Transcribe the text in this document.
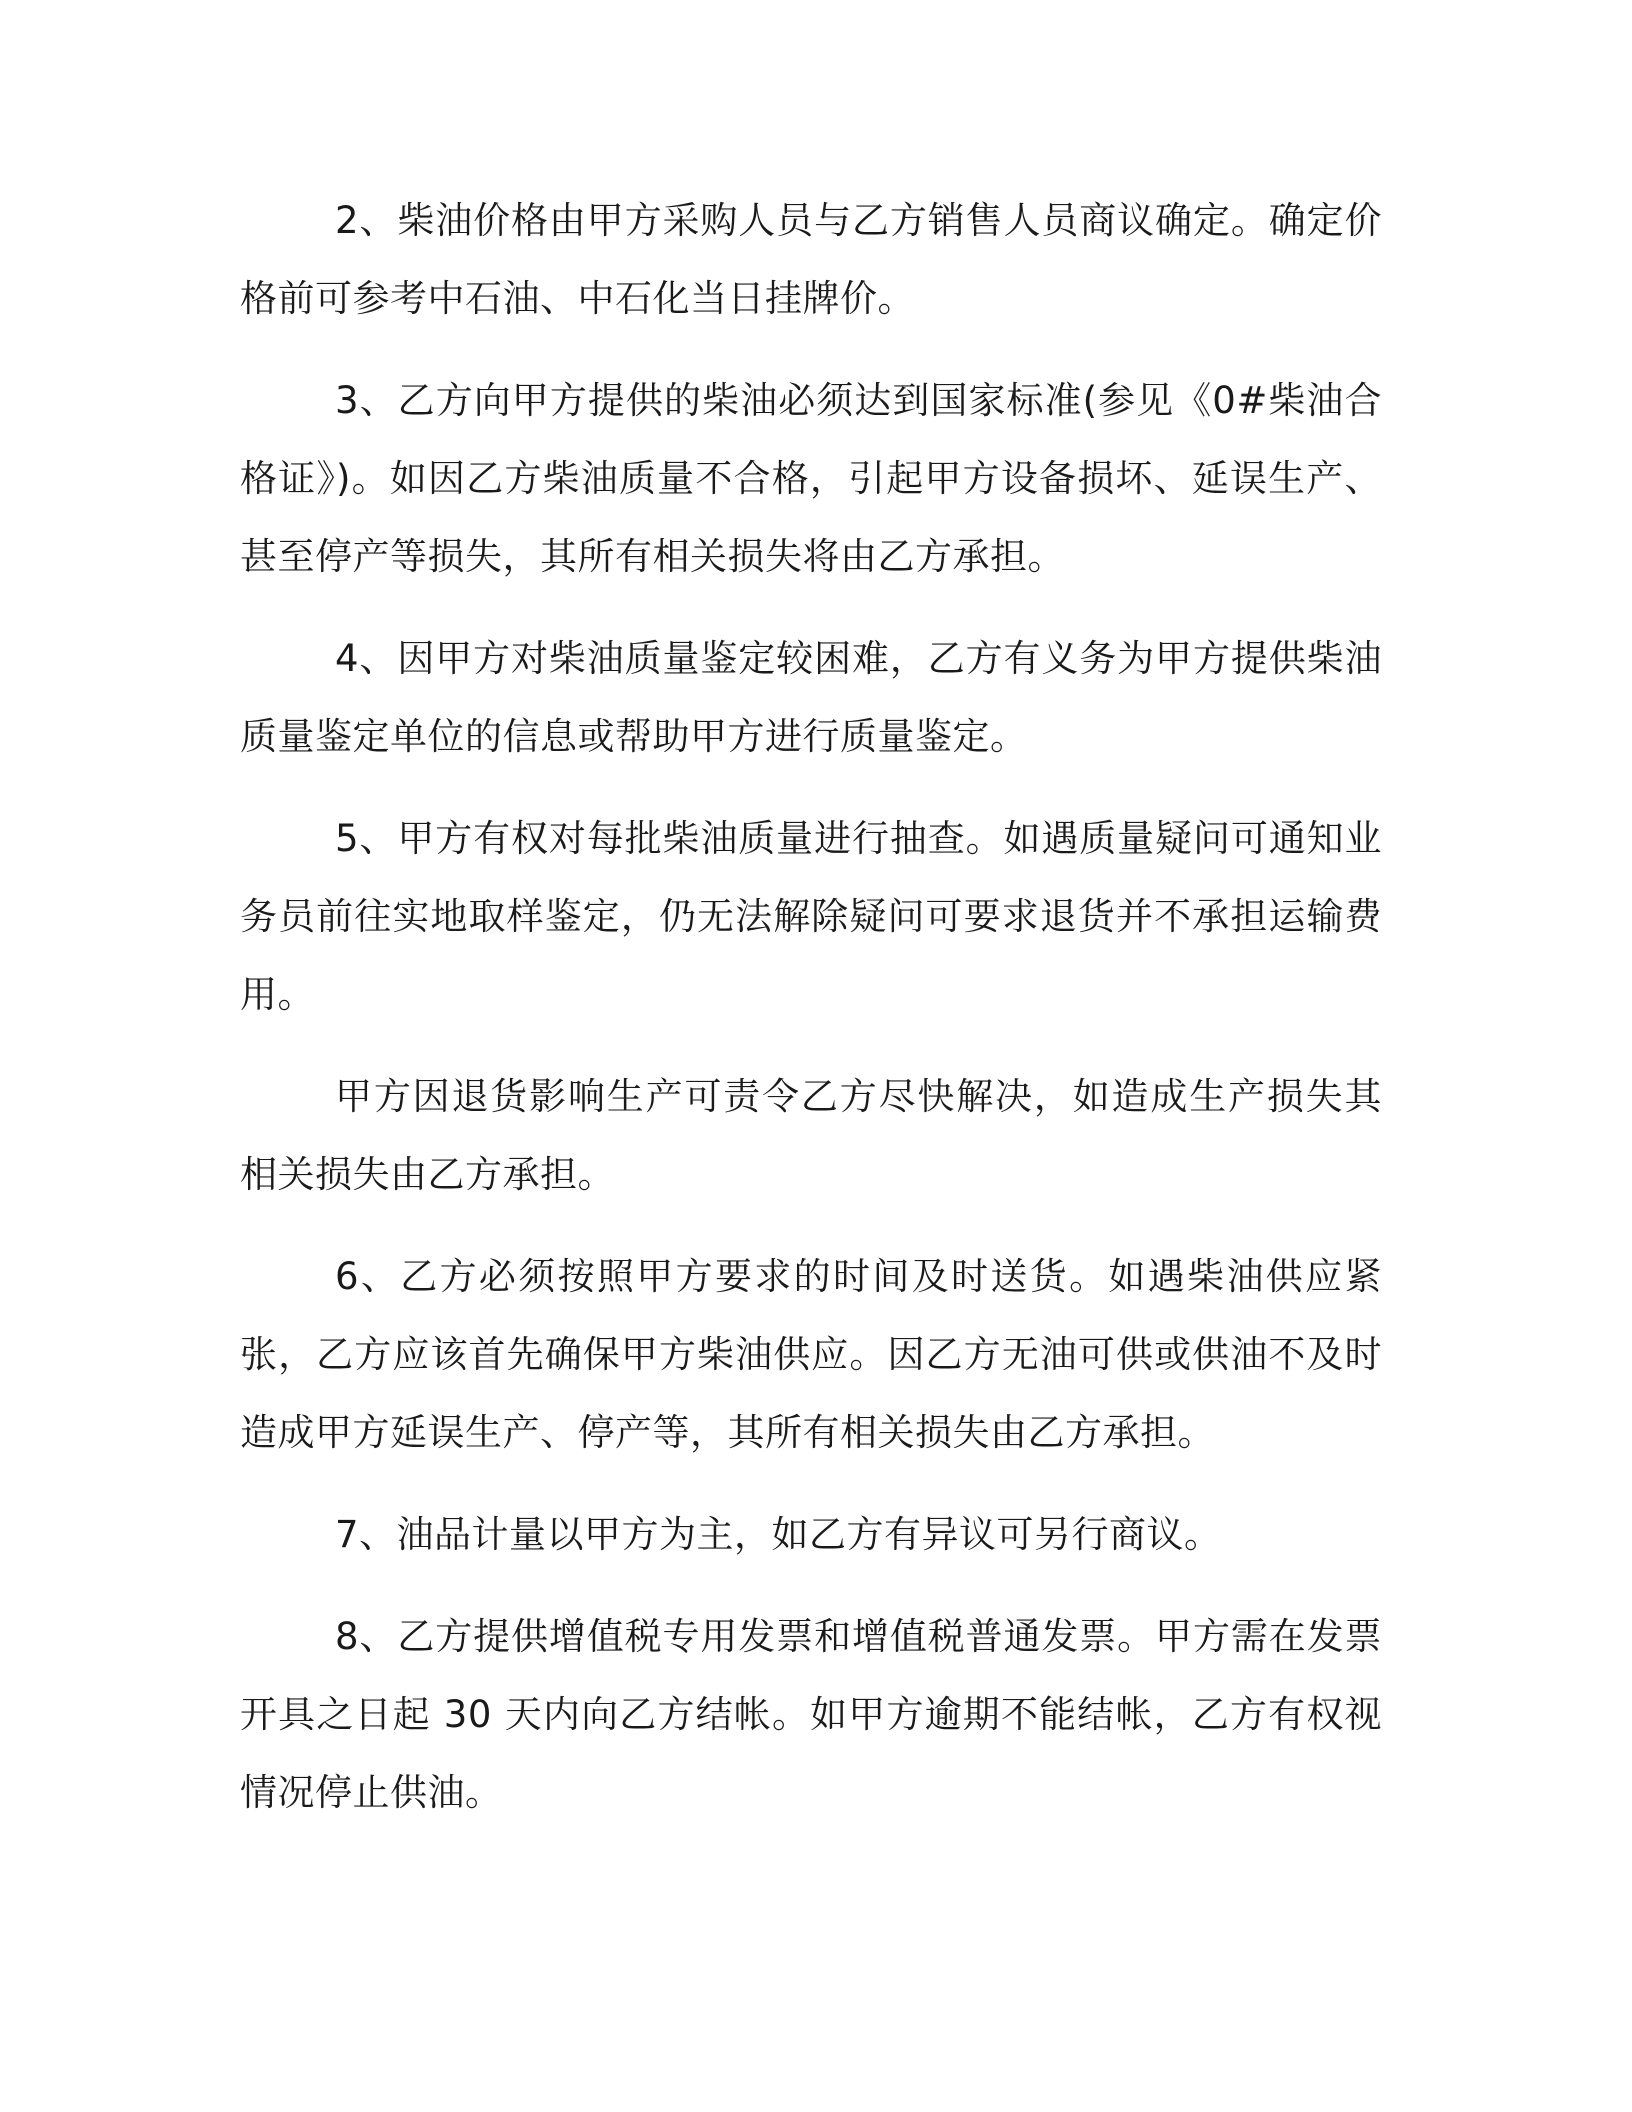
2、柴油价格由甲方采购人员与乙方销售人员商议确定。确定价格前可参考中石油、中石化当日挂牌价。

3、乙方向甲方提供的柴油必须达到国家标准(参见《0#柴油合格证》)。如因乙方柴油质量不合格，引起甲方设备损坏、延误生产、甚至停产等损失，其所有相关损失将由乙方承担。

4、因甲方对柴油质量鉴定较困难，乙方有义务为甲方提供柴油质量鉴定单位的信息或帮助甲方进行质量鉴定。

5、甲方有权对每批柴油质量进行抽查。如遇质量疑问可通知业务员前往实地取样鉴定，仍无法解除疑问可要求退货并不承担运输费用。

甲方因退货影响生产可责令乙方尽快解决，如造成生产损失其相关损失由乙方承担。

6、乙方必须按照甲方要求的时间及时送货。如遇柴油供应紧张，乙方应该首先确保甲方柴油供应。因乙方无油可供或供油不及时造成甲方延误生产、停产等，其所有相关损失由乙方承担。

7、油品计量以甲方为主，如乙方有异议可另行商议。

8、乙方提供增值税专用发票和增值税普通发票。甲方需在发票开具之日起 30 天内向乙方结帐。如甲方逾期不能结帐，乙方有权视情况停止供油。
